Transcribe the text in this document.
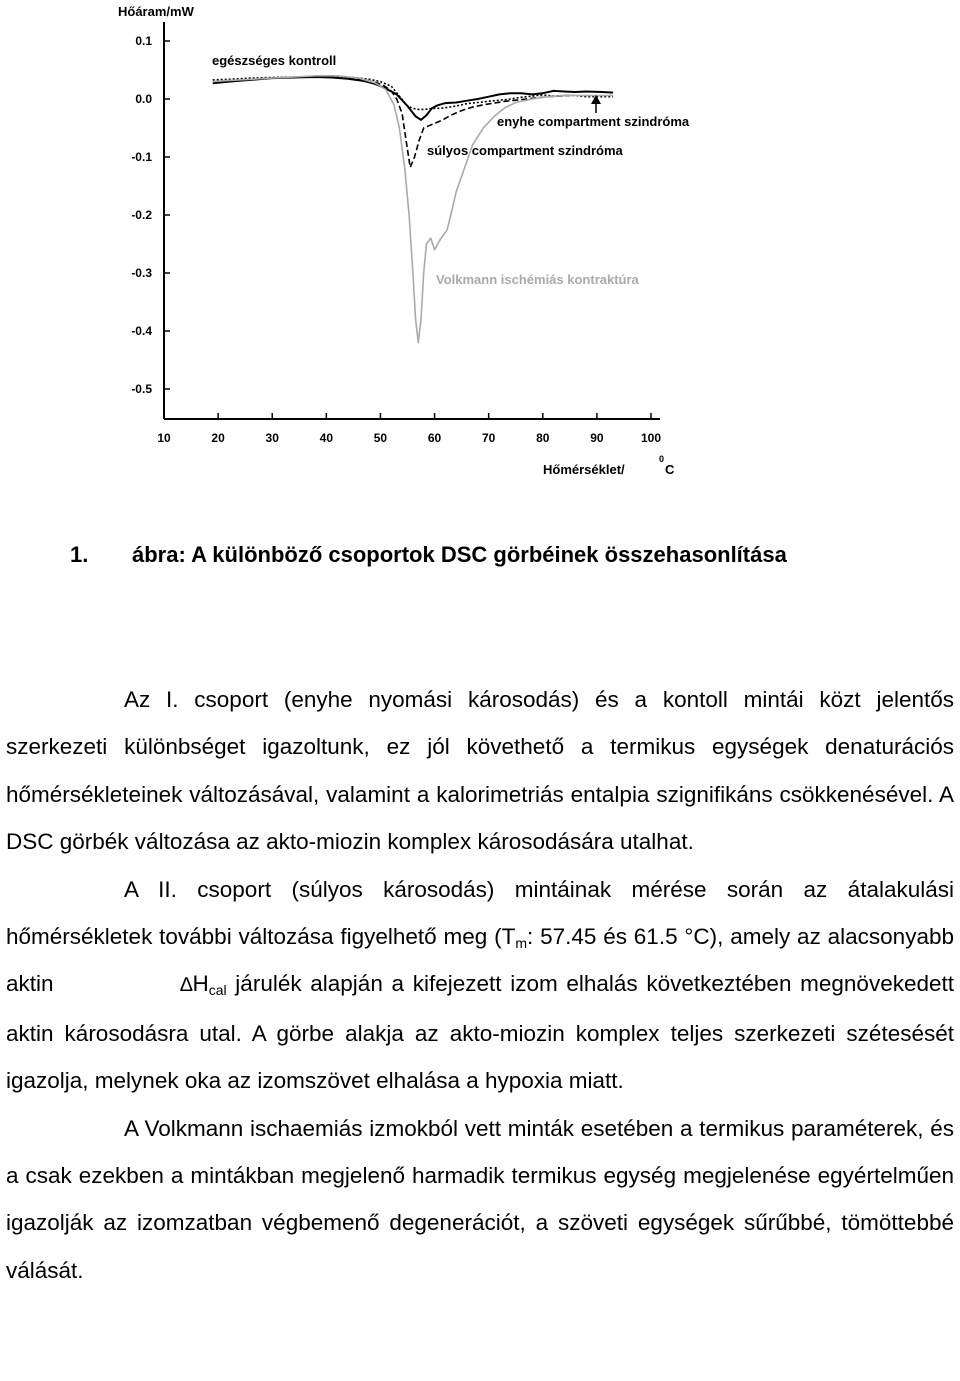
0.1
0.0
-0.1
-0.2
-0.3
-0.4
-0.5
10	20	30	40	50	60	70	80	90	100
Hőáram/mW
Hőmérséklet/
0
C
egészséges kontroll
enyhe compartment szindróma
súlyos compartment szindróma
Volkmann ischémiás kontraktúra
1. ábra: A különböző csoportok DSC görbéinek összehasonlítása

Az I. csoport (enyhe nyomási károsodás) és a kontoll mintái közt jelentős szerkezeti különbséget igazoltunk, ez jól követhető a termikus egységek denaturációs hőmérsékleteinek változásával, valamint a kalorimetriás entalpia szignifikáns csökkenésével. A DSC görbék változása az akto-miozin komplex károsodására utalhat.

A II. csoport (súlyos károsodás) mintáinak mérése során az átalakulási hőmérsékletek további változása figyelhető meg ($T_m$: 57.45 és 61.5 °C), amely az alacsonyabb aktin	$\Delta H_{cal}$ járulék alapján a kifejezett izom elhalás következtében megnövekedett aktin károsodásra utal. A görbe alakja az akto-miozin komplex teljes szerkezeti szétesését igazolja, melynek oka az izomszövet elhalása a hypoxia miatt.

A Volkmann ischaemiás izmokból vett minták esetében a termikus paraméterek, és a csak ezekben a mintákban megjelenő harmadik termikus egység megjelenése egyértelműen igazolják az izomzatban végbemenő degenerációt, a szöveti egységek sűrűbbé, tömöttebbé válását.
